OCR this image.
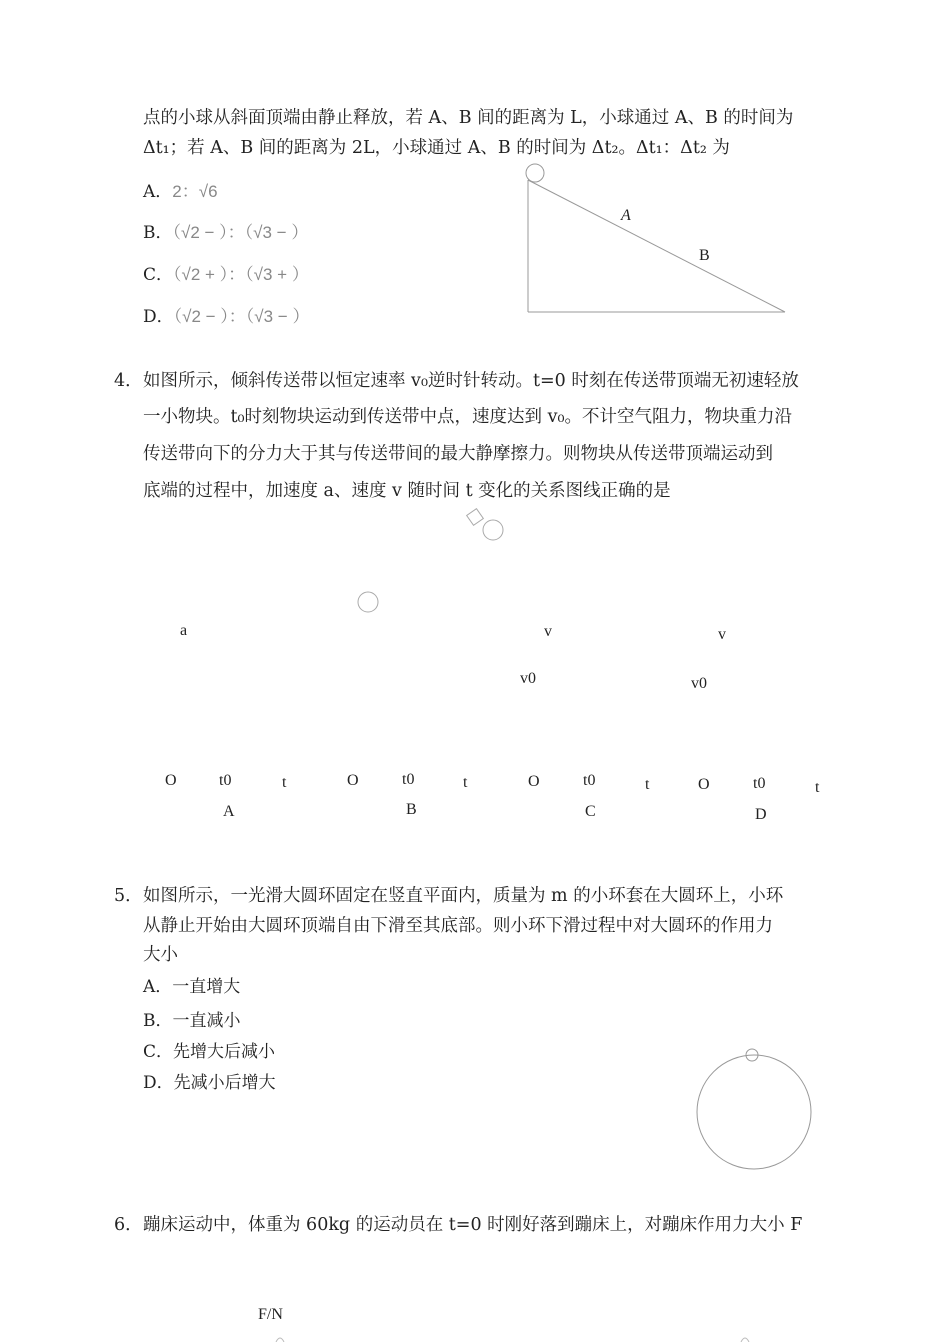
点的小球从斜面顶端由静止释放，若 A、B 间的距离为 L，小球通过 A、B 的时间为
Δt₁；若 A、B 间的距离为 2L，小球通过 A、B 的时间为 Δt₂。Δt₁：Δt₂ 为
A．2：√6
B．（√2 − ）：（√3 − ）
C．（√2 + ）：（√3 + ）
D．（√2 − ）：（√3 − ）
A
B
4． 如图所示，倾斜传送带以恒定速率 v₀逆时针转动。t=0 时刻在传送带顶端无初速轻放
一小物块。t₀时刻物块运动到传送带中点，速度达到 v₀。不计空气阻力，物块重力沿
传送带向下的分力大于其与传送带间的最大静摩擦力。则物块从传送带顶端运动到
底端的过程中，加速度 a、速度 v 随时间 t 变化的关系图线正确的是
a
O	t0	t
A
O	t0	t
B
v
v0
O	t0	t
C
v
v0
O	t0	t
D
5． 如图所示，一光滑大圆环固定在竖直平面内，质量为 m 的小环套在大圆环上，小环
从静止开始由大圆环顶端自由下滑至其底部。则小环下滑过程中对大圆环的作用力
大小
A．一直增大
B．一直减小
C．先增大后减小
D．先减小后增大
6． 蹦床运动中，体重为 60kg 的运动员在 t=0 时刚好落到蹦床上，对蹦床作用力大小 F
F/N
